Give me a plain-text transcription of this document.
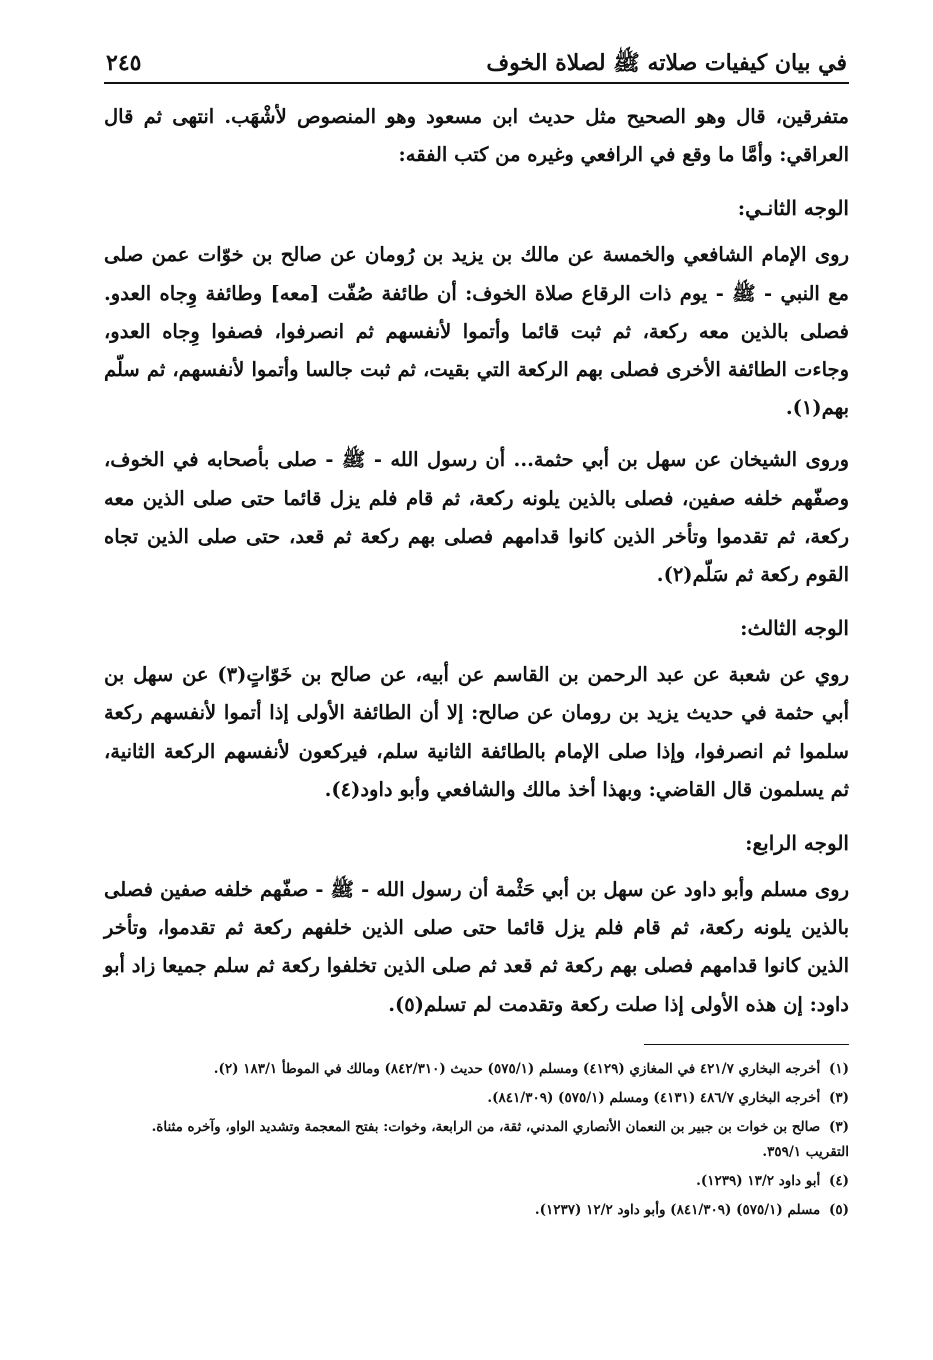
في بيان كيفيات صلاته ﷺ لصلاة الخوف
٢٤٥

متفرقين، قال وهو الصحيح مثل حديث ابن مسعود وهو المنصوص لأشْهَب. انتهى ثم قال العراقي: وأمَّا ما وقع في الرافعي وغيره من كتب الفقه:

الوجه الثانـي:

روى الإمام الشافعي والخمسة عن مالك بن يزيد بن رُومان عن صالح بن خوّات عمن صلى مع النبي - ﷺ - يوم ذات الرقاع صلاة الخوف: أن طائفة صُفّت [معه] وطائفة وِجاه العدو. فصلى بالذين معه ركعة، ثم ثبت قائما وأتموا لأنفسهم ثم انصرفوا، فصفوا وِجاه العدو، وجاءت الطائفة الأخرى فصلى بهم الركعة التي بقيت، ثم ثبت جالسا وأتموا لأنفسهم، ثم سلّم بهم(١).

وروى الشيخان عن سهل بن أبي حثمة... أن رسول الله - ﷺ - صلى بأصحابه في الخوف، وصفّهم خلفه صفين، فصلى بالذين يلونه ركعة، ثم قام فلم يزل قائما حتى صلى الذين معه ركعة، ثم تقدموا وتأخر الذين كانوا قدامهم فصلى بهم ركعة ثم قعد، حتى صلى الذين تجاه القوم ركعة ثم سَلّم(٢).

الوجه الثالث:

روي عن شعبة عن عبد الرحمن بن القاسم عن أبيه، عن صالح بن خَوّاتٍ(٣) عن سهل بن أبي حثمة في حديث يزيد بن رومان عن صالح: إلا أن الطائفة الأولى إذا أتموا لأنفسهم ركعة سلموا ثم انصرفوا، وإذا صلى الإمام بالطائفة الثانية سلم، فيركعون لأنفسهم الركعة الثانية، ثم يسلمون قال القاضي: وبهذا أخذ مالك والشافعي وأبو داود(٤).

الوجه الرابع:

روى مسلم وأبو داود عن سهل بن أبي حَثْمة أن رسول الله - ﷺ - صفّهم خلفه صفين فصلى بالذين يلونه ركعة، ثم قام فلم يزل قائما حتى صلى الذين خلفهم ركعة ثم تقدموا، وتأخر الذين كانوا قدامهم فصلى بهم ركعة ثم قعد ثم صلى الذين تخلفوا ركعة ثم سلم جميعا زاد أبو داود: إن هذه الأولى إذا صلت ركعة وتقدمت لم تسلم(٥).

(١) أخرجه البخاري ٤٢١/٧ في المغازي (٤١٢٩) ومسلم (٥٧٥/١) حديث (٨٤٢/٣١٠) ومالك في الموطأ ١٨٣/١ (٢).

(٣) أخرجه البخاري ٤٨٦/٧ (٤١٣١) ومسلم (٥٧٥/١) (٨٤١/٣٠٩).

(٣) صالح بن خوات بن جبير بن النعمان الأنصاري المدني، ثقة، من الرابعة، وخوات: بفتح المعجمة وتشديد الواو، وآخره مثناة. التقريب ٣٥٩/١.

(٤) أبو داود ١٣/٢ (١٢٣٩).

(٥) مسلم (٥٧٥/١) (٨٤١/٣٠٩) وأبو داود ١٢/٢ (١٢٣٧).
